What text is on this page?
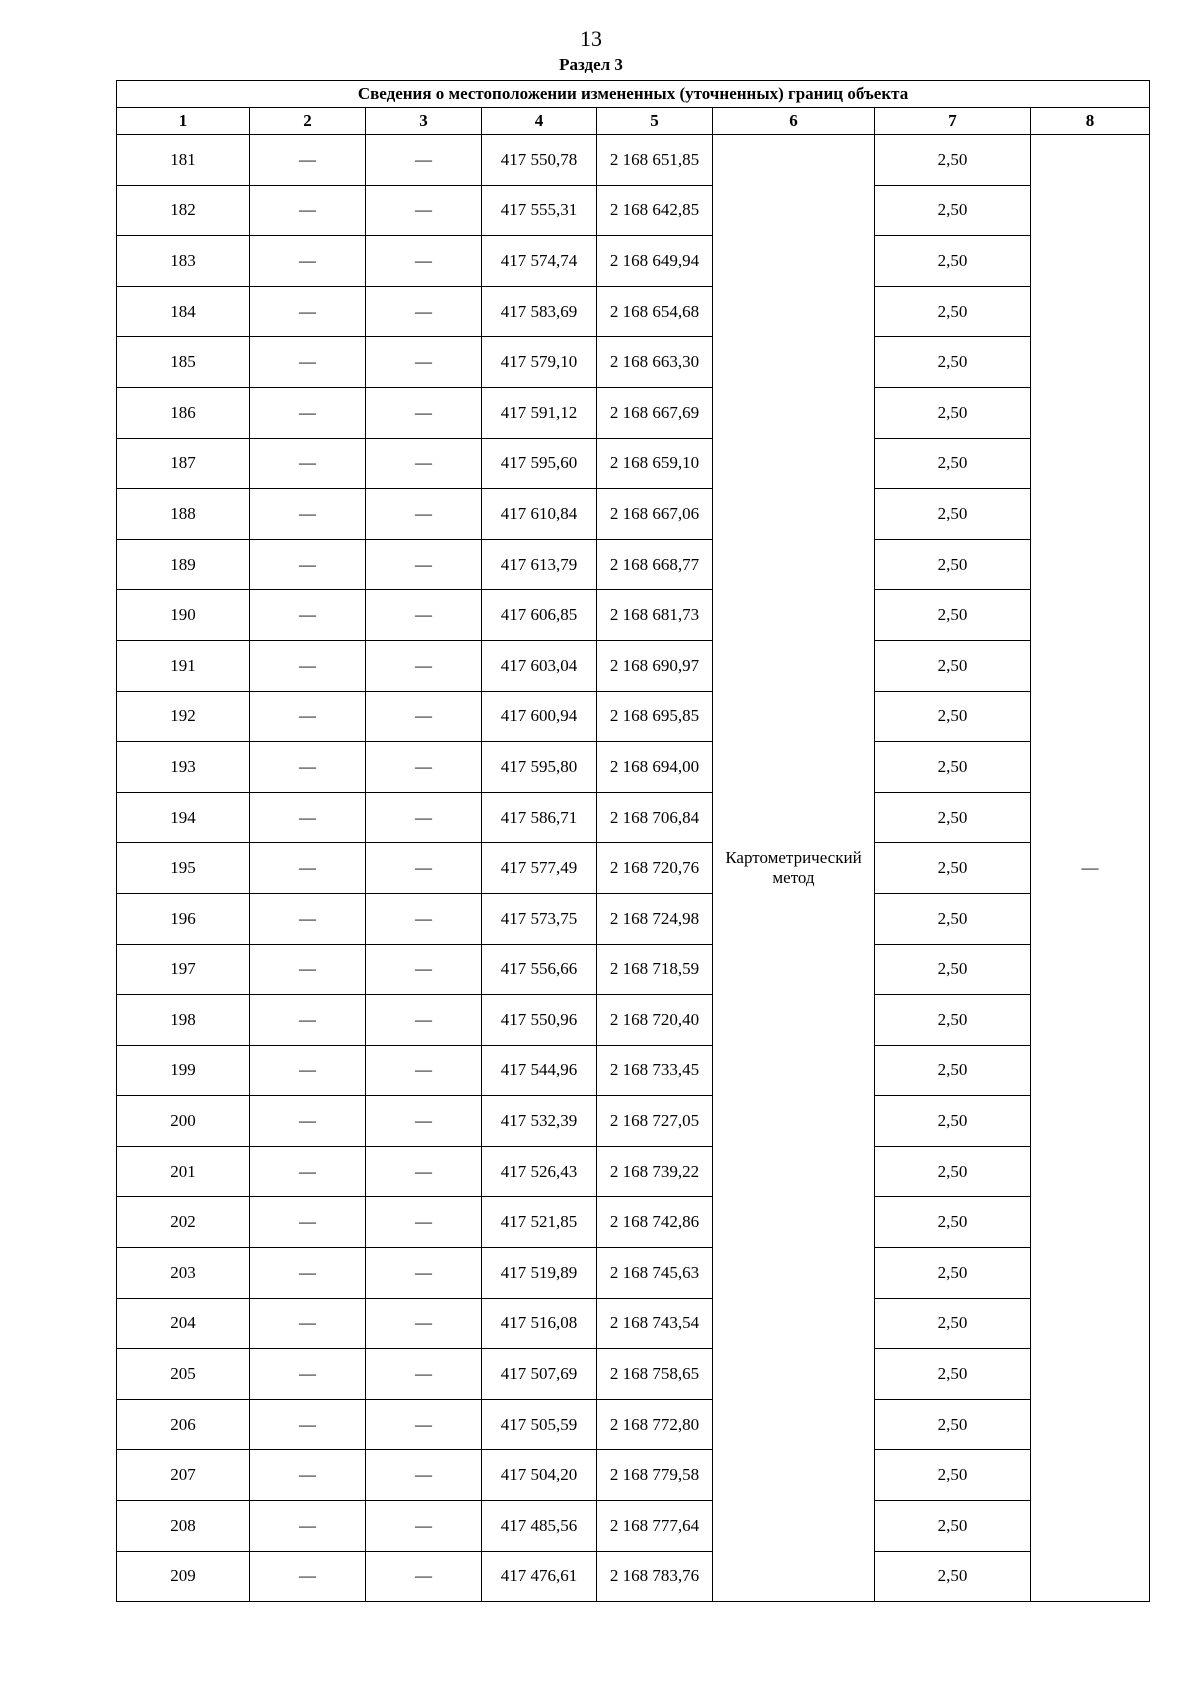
13
Раздел 3
Сведения о местоположении измененных (уточненных) границ объекта							
1	2	3	4	5	6	7	8
181	—	—	417 550,78	2 168 651,85	Картометрический метод	2,50	—
182	—	—	417 555,31	2 168 642,85		2,50	
183	—	—	417 574,74	2 168 649,94		2,50	
184	—	—	417 583,69	2 168 654,68		2,50	
185	—	—	417 579,10	2 168 663,30		2,50	
186	—	—	417 591,12	2 168 667,69		2,50	
187	—	—	417 595,60	2 168 659,10		2,50	
188	—	—	417 610,84	2 168 667,06		2,50	
189	—	—	417 613,79	2 168 668,77		2,50	
190	—	—	417 606,85	2 168 681,73		2,50	
191	—	—	417 603,04	2 168 690,97		2,50	
192	—	—	417 600,94	2 168 695,85		2,50	
193	—	—	417 595,80	2 168 694,00		2,50	
194	—	—	417 586,71	2 168 706,84		2,50	
195	—	—	417 577,49	2 168 720,76		2,50	
196	—	—	417 573,75	2 168 724,98		2,50	
197	—	—	417 556,66	2 168 718,59		2,50	
198	—	—	417 550,96	2 168 720,40		2,50	
199	—	—	417 544,96	2 168 733,45		2,50	
200	—	—	417 532,39	2 168 727,05		2,50	
201	—	—	417 526,43	2 168 739,22		2,50	
202	—	—	417 521,85	2 168 742,86		2,50	
203	—	—	417 519,89	2 168 745,63		2,50	
204	—	—	417 516,08	2 168 743,54		2,50	
205	—	—	417 507,69	2 168 758,65		2,50	
206	—	—	417 505,59	2 168 772,80		2,50	
207	—	—	417 504,20	2 168 779,58		2,50	
208	—	—	417 485,56	2 168 777,64		2,50	
209	—	—	417 476,61	2 168 783,76		2,50	
